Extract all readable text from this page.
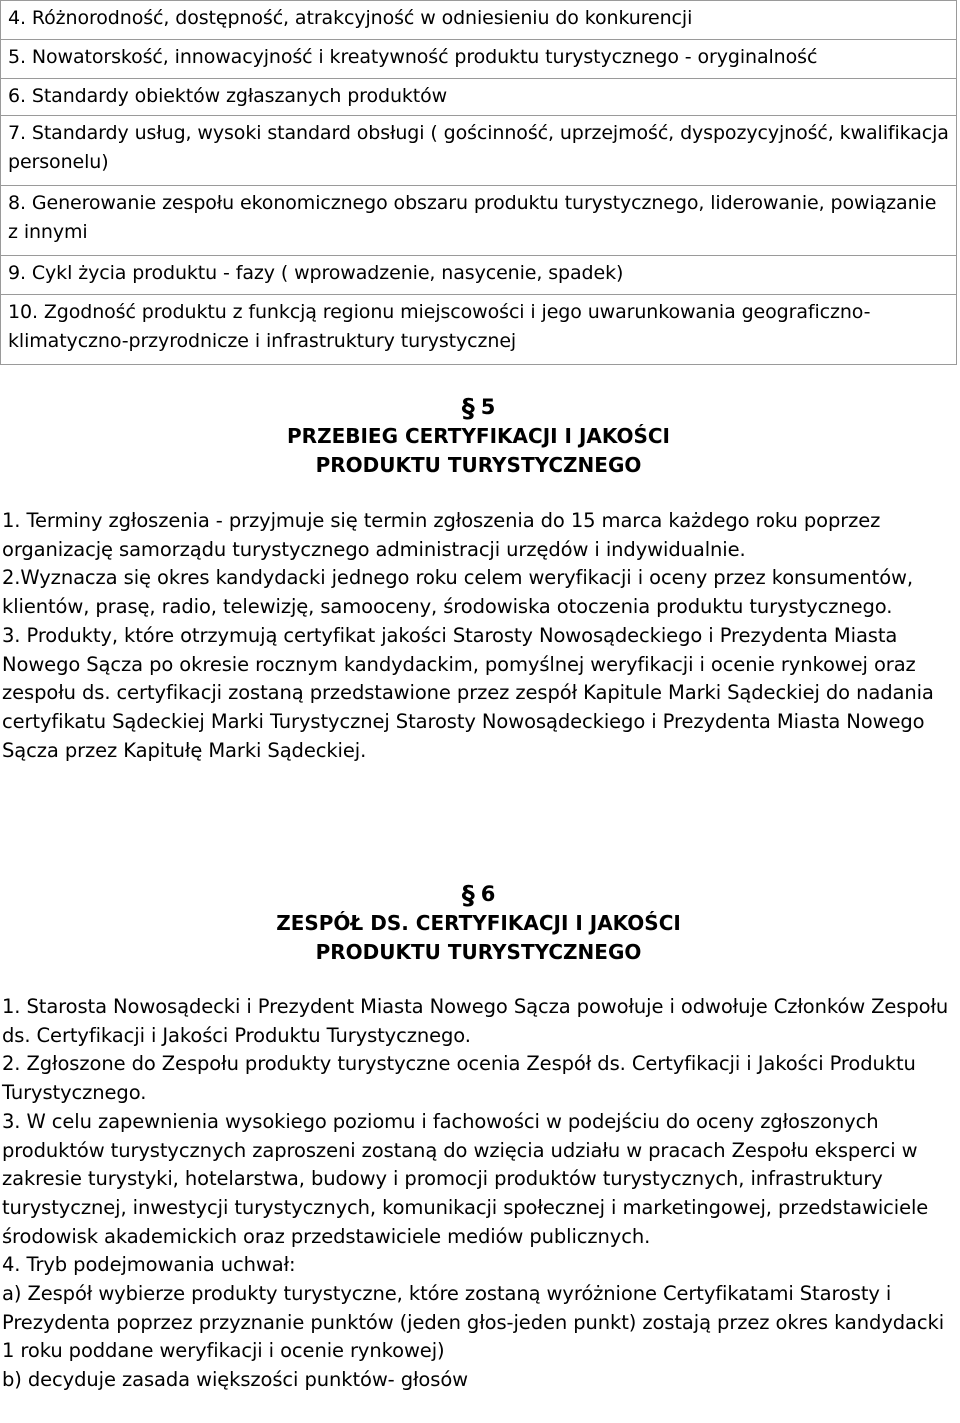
4. Różnorodność, dostępność, atrakcyjność w odniesieniu do konkurencji
5. Nowatorskość, innowacyjność i kreatywność produktu turystycznego - oryginalność
6. Standardy obiektów zgłaszanych produktów
7. Standardy usług, wysoki standard obsługi ( gościnność, uprzejmość, dyspozycyjność, kwalifikacja personelu)
8. Generowanie zespołu ekonomicznego obszaru produktu turystycznego, liderowanie, powiązanie z innymi
9. Cykl życia produktu - fazy ( wprowadzenie, nasycenie, spadek)
10. Zgodność produktu z funkcją regionu miejscowości i jego uwarunkowania geograficzno-klimatyczno-przyrodnicze i infrastruktury turystycznej
§ 5
PRZEBIEG CERTYFIKACJI I JAKOŚCI
PRODUKTU TURYSTYCZNEGO

1. Terminy zgłoszenia - przyjmuje się termin zgłoszenia do 15 marca każdego roku poprzez organizację samorządu turystycznego administracji urzędów i indywidualnie.

2.Wyznacza się okres kandydacki jednego roku celem weryfikacji i oceny przez konsumentów, klientów, prasę, radio, telewizję, samooceny, środowiska otoczenia produktu turystycznego.

3. Produkty, które otrzymują certyfikat jakości Starosty Nowosądeckiego i Prezydenta Miasta Nowego Sącza po okresie rocznym kandydackim, pomyślnej weryfikacji i ocenie rynkowej oraz zespołu ds. certyfikacji zostaną przedstawione przez zespół Kapitule Marki Sądeckiej do nadania certyfikatu Sądeckiej Marki Turystycznej Starosty Nowosądeckiego i Prezydenta Miasta Nowego Sącza przez Kapitułę Marki Sądeckiej.

§ 6
ZESPÓŁ DS. CERTYFIKACJI I JAKOŚCI
PRODUKTU TURYSTYCZNEGO

1. Starosta Nowosądecki i Prezydent Miasta Nowego Sącza powołuje i odwołuje Członków Zespołu ds. Certyfikacji i Jakości Produktu Turystycznego.

2. Zgłoszone do Zespołu produkty turystyczne ocenia Zespół ds. Certyfikacji i Jakości Produktu Turystycznego.

3. W celu zapewnienia wysokiego poziomu i fachowości w podejściu do oceny zgłoszonych produktów turystycznych zaproszeni zostaną do wzięcia udziału w pracach Zespołu eksperci w zakresie turystyki, hotelarstwa, budowy i promocji produktów turystycznych, infrastruktury turystycznej, inwestycji turystycznych, komunikacji społecznej i marketingowej, przedstawiciele środowisk akademickich oraz przedstawiciele mediów publicznych.

4. Tryb podejmowania uchwał:

a) Zespół wybierze produkty turystyczne, które zostaną wyróżnione Certyfikatami Starosty i Prezydenta poprzez przyznanie punktów (jeden głos-jeden punkt) zostają przez okres kandydacki 1 roku poddane weryfikacji i ocenie rynkowej)

b) decyduje zasada większości punktów- głosów
